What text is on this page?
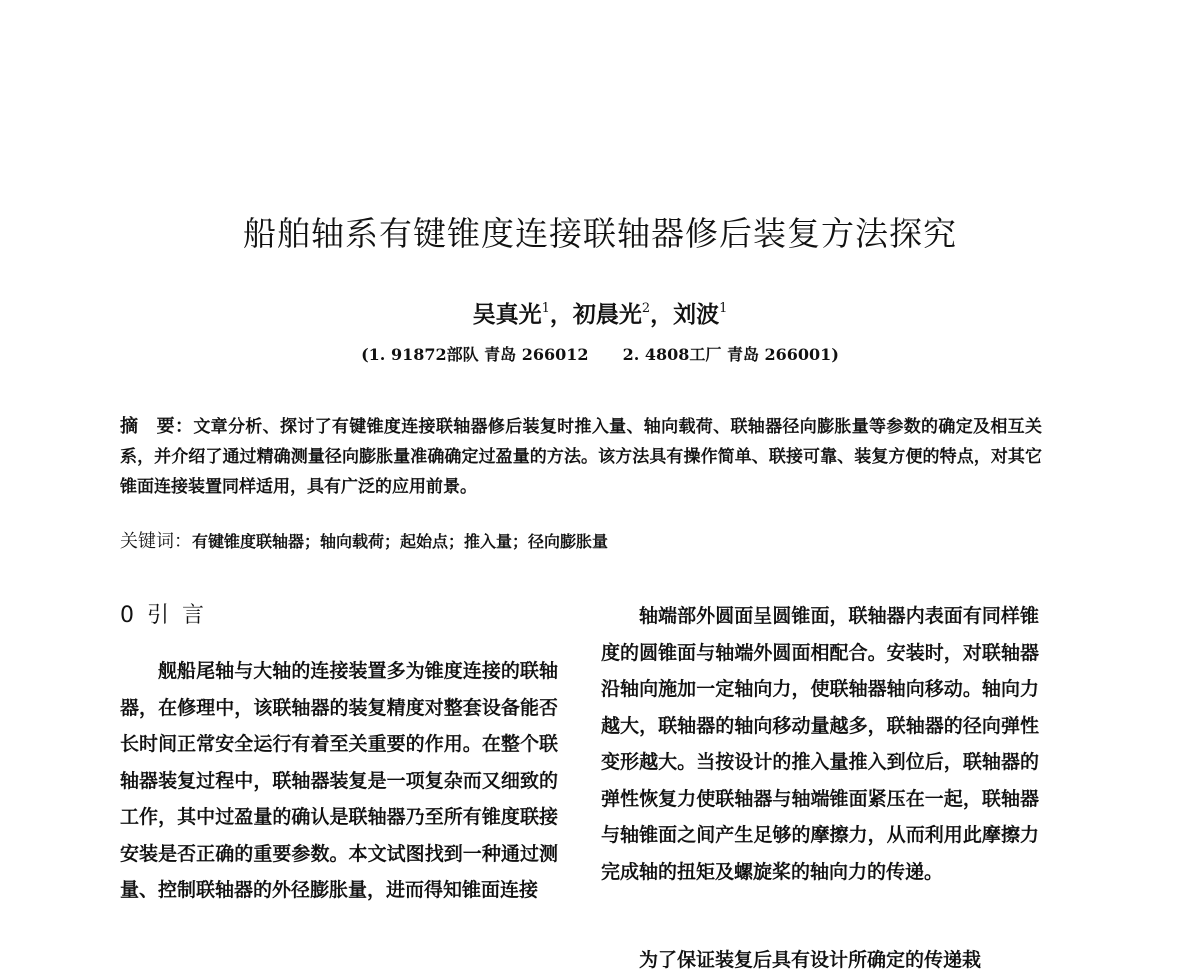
船舶轴系有键锥度连接联轴器修后装复方法探究
吴真光$^1$，初晨光$^2$，刘波$^1$
(1. 91872部队 青岛 266012 2. 4808工厂 青岛 266001)
摘　要：文章分析、探讨了有键锥度连接联轴器修后装复时推入量、轴向载荷、联轴器径向膨胀量等参数的确定及相互关系，并介绍了通过精确测量径向膨胀量准确确定过盈量的方法。该方法具有操作简单、联接可靠、装复方便的特点，对其它锥面连接装置同样适用，具有广泛的应用前景。
关键词：有键锥度联轴器；轴向载荷；起始点；推入量；径向膨胀量
0 引 言

舰船尾轴与大轴的连接装置多为锥度连接的联轴器，在修理中，该联轴器的装复精度对整套设备能否长时间正常安全运行有着至关重要的作用。在整个联轴器装复过程中，联轴器装复是一项复杂而又细致的工作，其中过盈量的确认是联轴器乃至所有锥度联接安装是否正确的重要参数。本文试图找到一种通过测量、控制联轴器的外径膨胀量，进而得知锥面连接

轴端部外圆面呈圆锥面，联轴器内表面有同样锥度的圆锥面与轴端外圆面相配合。安装时，对联轴器沿轴向施加一定轴向力，使联轴器轴向移动。轴向力越大，联轴器的轴向移动量越多，联轴器的径向弹性变形越大。当按设计的推入量推入到位后，联轴器的弹性恢复力使联轴器与轴端锥面紧压在一起，联轴器与轴锥面之间产生足够的摩擦力，从而利用此摩擦力完成轴的扭矩及螺旋桨的轴向力的传递。

为了保证装复后具有设计所确定的传递栽
